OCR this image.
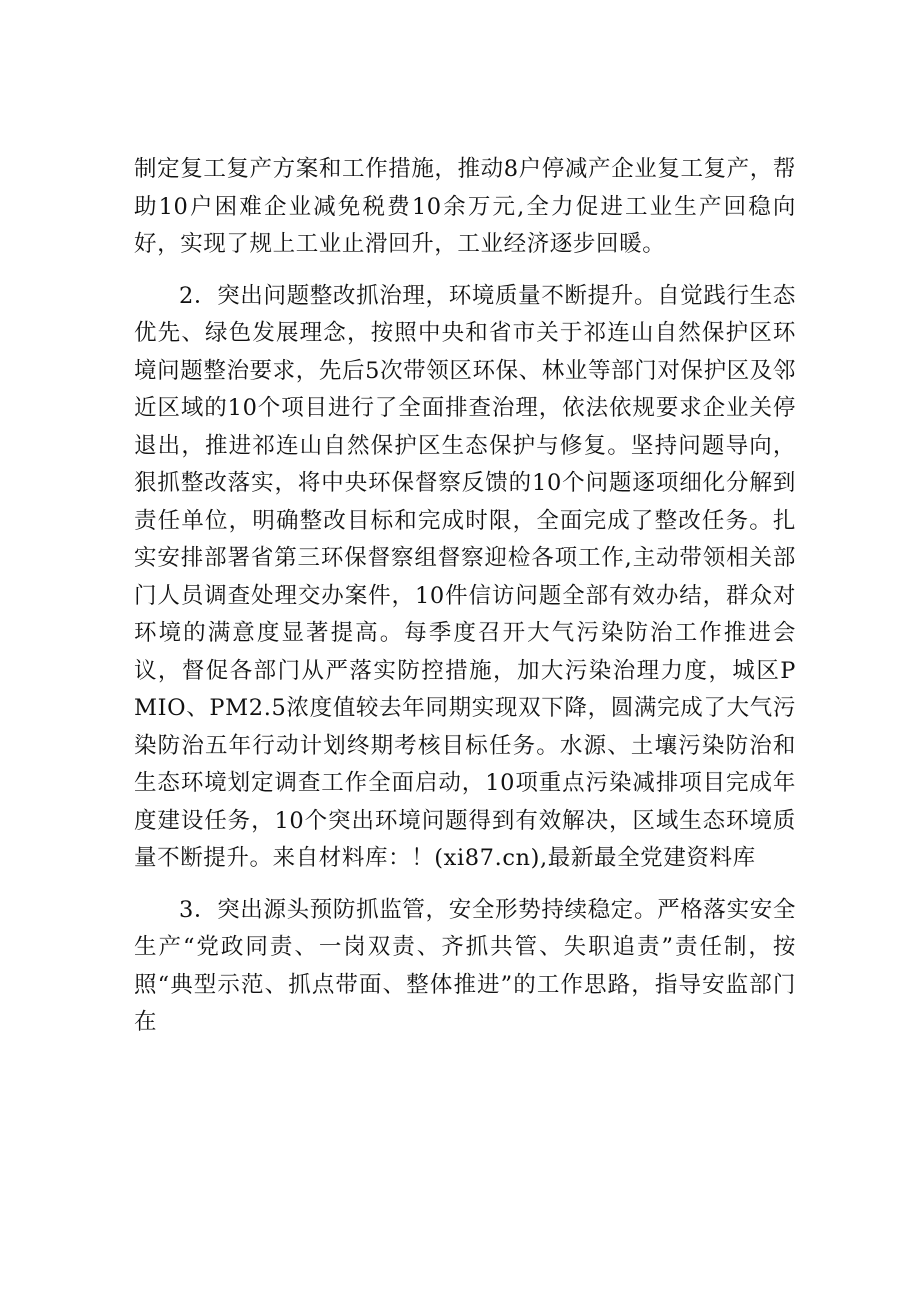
制定复工复产方案和工作措施，推动8户停减产企业复工复产，帮助10户困难企业减免税费10余万元,全力促进工业生产回稳向好，实现了规上工业止滑回升，工业经济逐步回暖。

2．突出问题整改抓治理，环境质量不断提升。自觉践行生态优先、绿色发展理念，按照中央和省市关于祁连山自然保护区环境问题整治要求，先后5次带领区环保、林业等部门对保护区及邻近区域的10个项目进行了全面排查治理，依法依规要求企业关停退出，推进祁连山自然保护区生态保护与修复。坚持问题导向，狠抓整改落实，将中央环保督察反馈的10个问题逐项细化分解到责任单位，明确整改目标和完成时限，全面完成了整改任务。扎实安排部署省第三环保督察组督察迎检各项工作,主动带领相关部门人员调查处理交办案件，10件信访问题全部有效办结，群众对环境的满意度显著提高。每季度召开大气污染防治工作推进会议，督促各部门从严落实防控措施，加大污染治理力度，城区PMIO、PM2.5浓度值较去年同期实现双下降，圆满完成了大气污染防治五年行动计划终期考核目标任务。水源、土壤污染防治和生态环境划定调查工作全面启动，10项重点污染减排项目完成年度建设任务，10个突出环境问题得到有效解决，区域生态环境质量不断提升。来自材料库：！(xi87.cn),最新最全党建资料库

3．突出源头预防抓监管，安全形势持续稳定。严格落实安全生产“党政同责、一岗双责、齐抓共管、失职追责”责任制，按照“典型示范、抓点带面、整体推进”的工作思路，指导安监部门在
